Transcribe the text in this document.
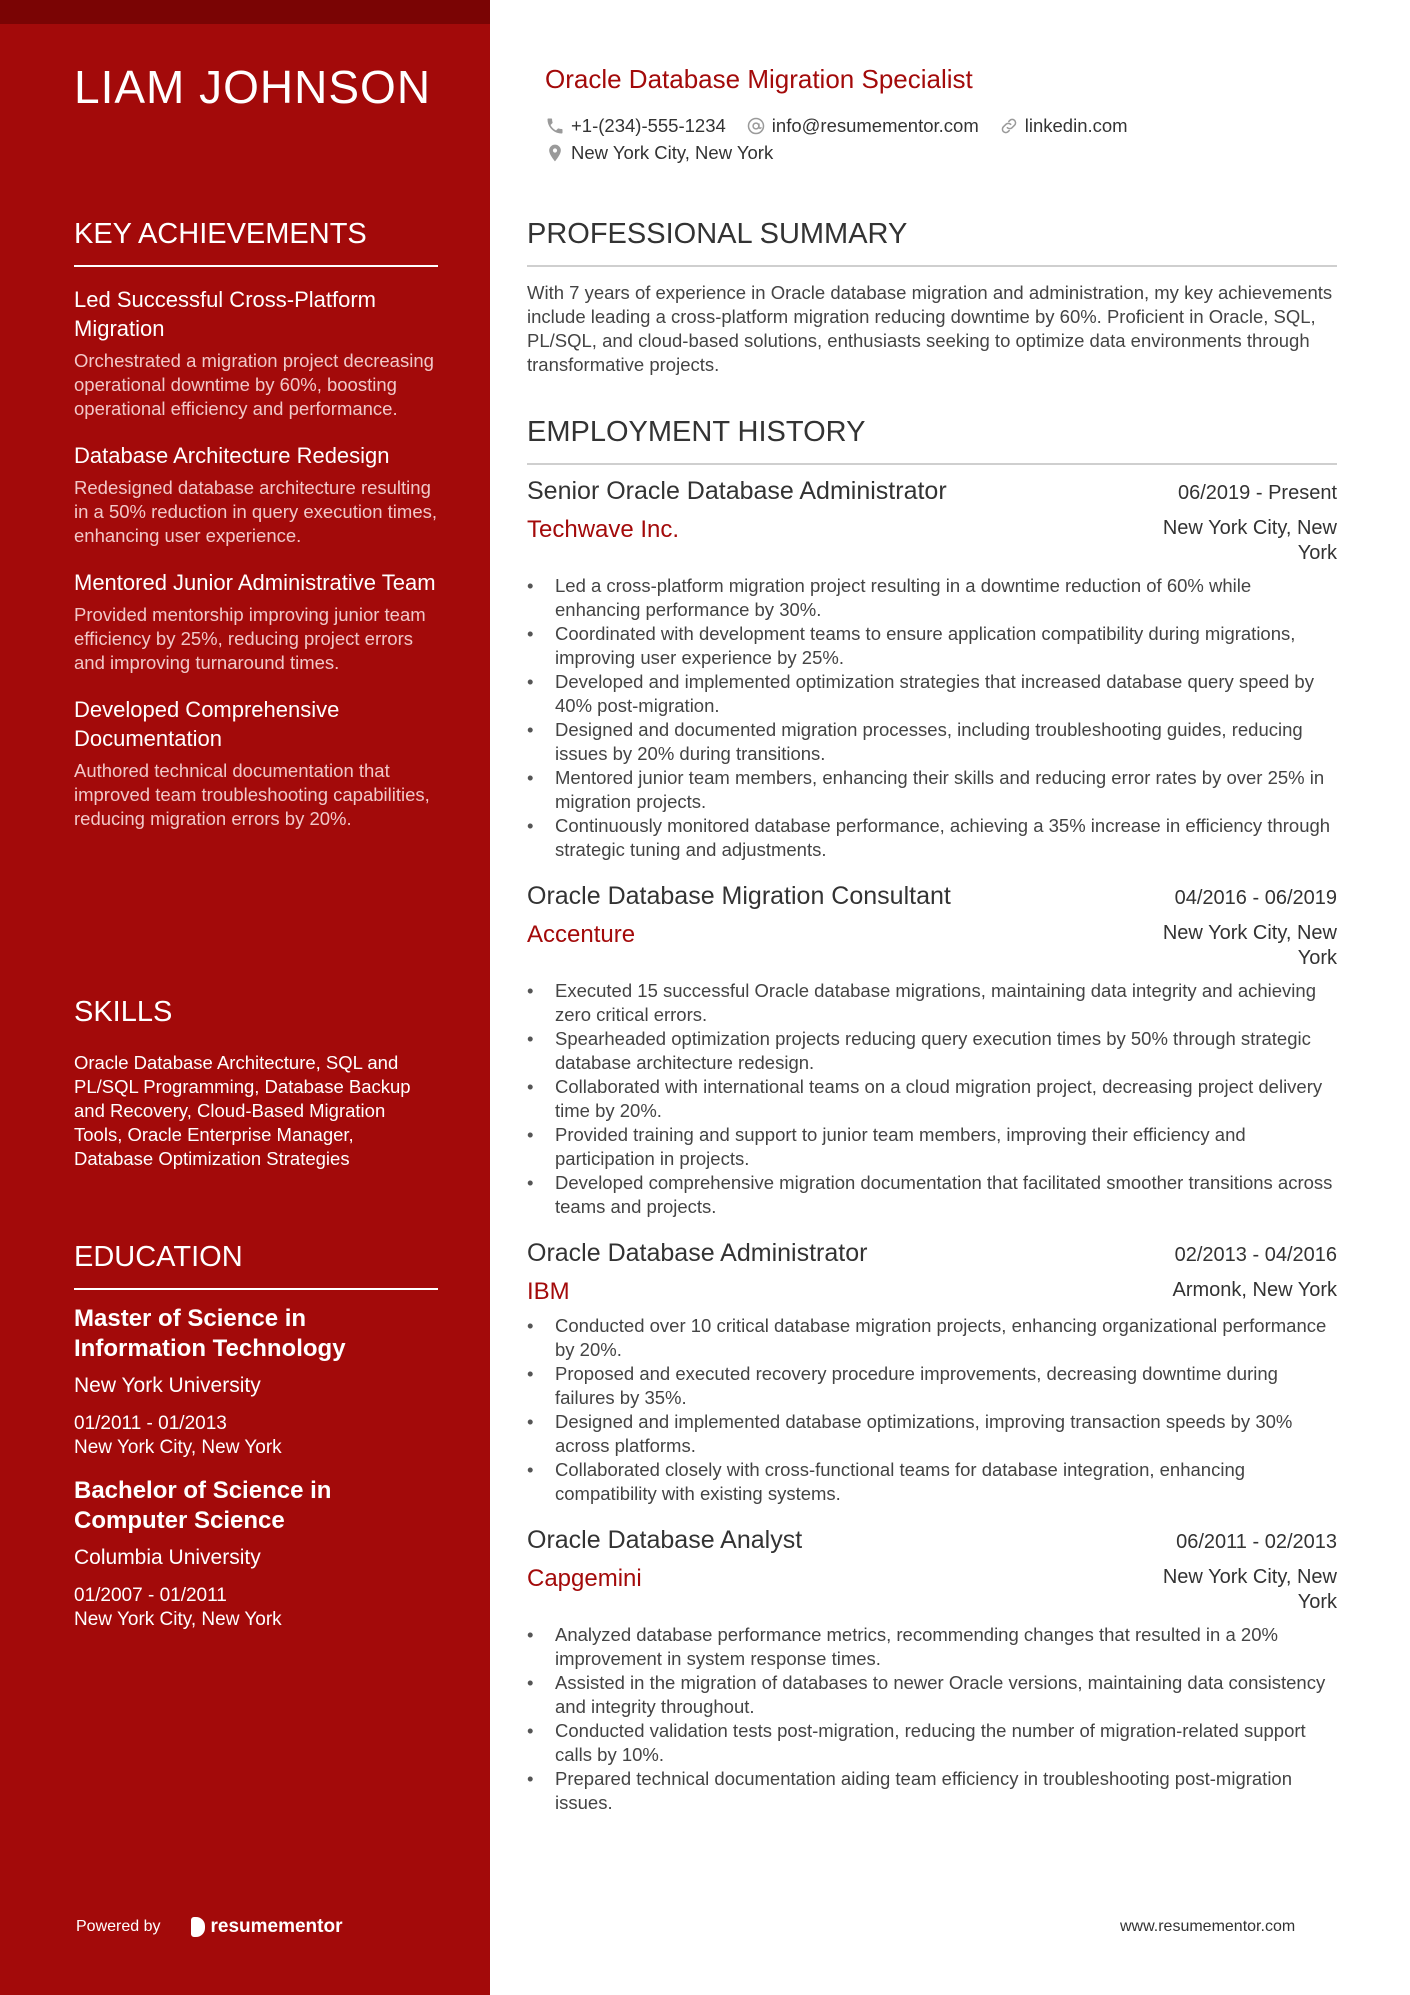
LIAM JOHNSON
KEY ACHIEVEMENTS
Led Successful Cross-Platform Migration
Orchestrated a migration project decreasing operational downtime by 60%, boosting operational efficiency and performance.
Database Architecture Redesign
Redesigned database architecture resulting in a 50% reduction in query execution times, enhancing user experience.
Mentored Junior Administrative Team
Provided mentorship improving junior team efficiency by 25%, reducing project errors and improving turnaround times.
Developed Comprehensive Documentation
Authored technical documentation that improved team troubleshooting capabilities, reducing migration errors by 20%.
SKILLS
Oracle Database Architecture, SQL and PL/SQL Programming, Database Backup and Recovery, Cloud-Based Migration Tools, Oracle Enterprise Manager, Database Optimization Strategies
EDUCATION
Master of Science in Information Technology
New York University
01/2011 - 01/2013
New York City, New York
Bachelor of Science in Computer Science
Columbia University
01/2007 - 01/2011
New York City, New York
Powered by	resumementor
Oracle Database Migration Specialist
+1-(234)-555-1234 info@resumementor.com linkedin.com
New York City, New York
PROFESSIONAL SUMMARY
With 7 years of experience in Oracle database migration and administration, my key achievements include leading a cross-platform migration reducing downtime by 60%. Proficient in Oracle, SQL, PL/SQL, and cloud-based solutions, enthusiasts seeking to optimize data environments through transformative projects.
EMPLOYMENT HISTORY
Senior Oracle Database Administrator	06/2019 - Present
Techwave Inc.	New York City, New York
• Led a cross-platform migration project resulting in a downtime reduction of 60% while enhancing performance by 30%.
• Coordinated with development teams to ensure application compatibility during migrations, improving user experience by 25%.
• Developed and implemented optimization strategies that increased database query speed by 40% post-migration.
• Designed and documented migration processes, including troubleshooting guides, reducing issues by 20% during transitions.
• Mentored junior team members, enhancing their skills and reducing error rates by over 25% in migration projects.
• Continuously monitored database performance, achieving a 35% increase in efficiency through strategic tuning and adjustments.
Oracle Database Migration Consultant	04/2016 - 06/2019
Accenture	New York City, New York
• Executed 15 successful Oracle database migrations, maintaining data integrity and achieving zero critical errors.
• Spearheaded optimization projects reducing query execution times by 50% through strategic database architecture redesign.
• Collaborated with international teams on a cloud migration project, decreasing project delivery time by 20%.
• Provided training and support to junior team members, improving their efficiency and participation in projects.
• Developed comprehensive migration documentation that facilitated smoother transitions across teams and projects.
Oracle Database Administrator	02/2013 - 04/2016
IBM	Armonk, New York
• Conducted over 10 critical database migration projects, enhancing organizational performance by 20%.
• Proposed and executed recovery procedure improvements, decreasing downtime during failures by 35%.
• Designed and implemented database optimizations, improving transaction speeds by 30% across platforms.
• Collaborated closely with cross-functional teams for database integration, enhancing compatibility with existing systems.
Oracle Database Analyst	06/2011 - 02/2013
Capgemini	New York City, New York
• Analyzed database performance metrics, recommending changes that resulted in a 20% improvement in system response times.
• Assisted in the migration of databases to newer Oracle versions, maintaining data consistency and integrity throughout.
• Conducted validation tests post-migration, reducing the number of migration-related support calls by 10%.
• Prepared technical documentation aiding team efficiency in troubleshooting post-migration issues.
www.resumementor.com
